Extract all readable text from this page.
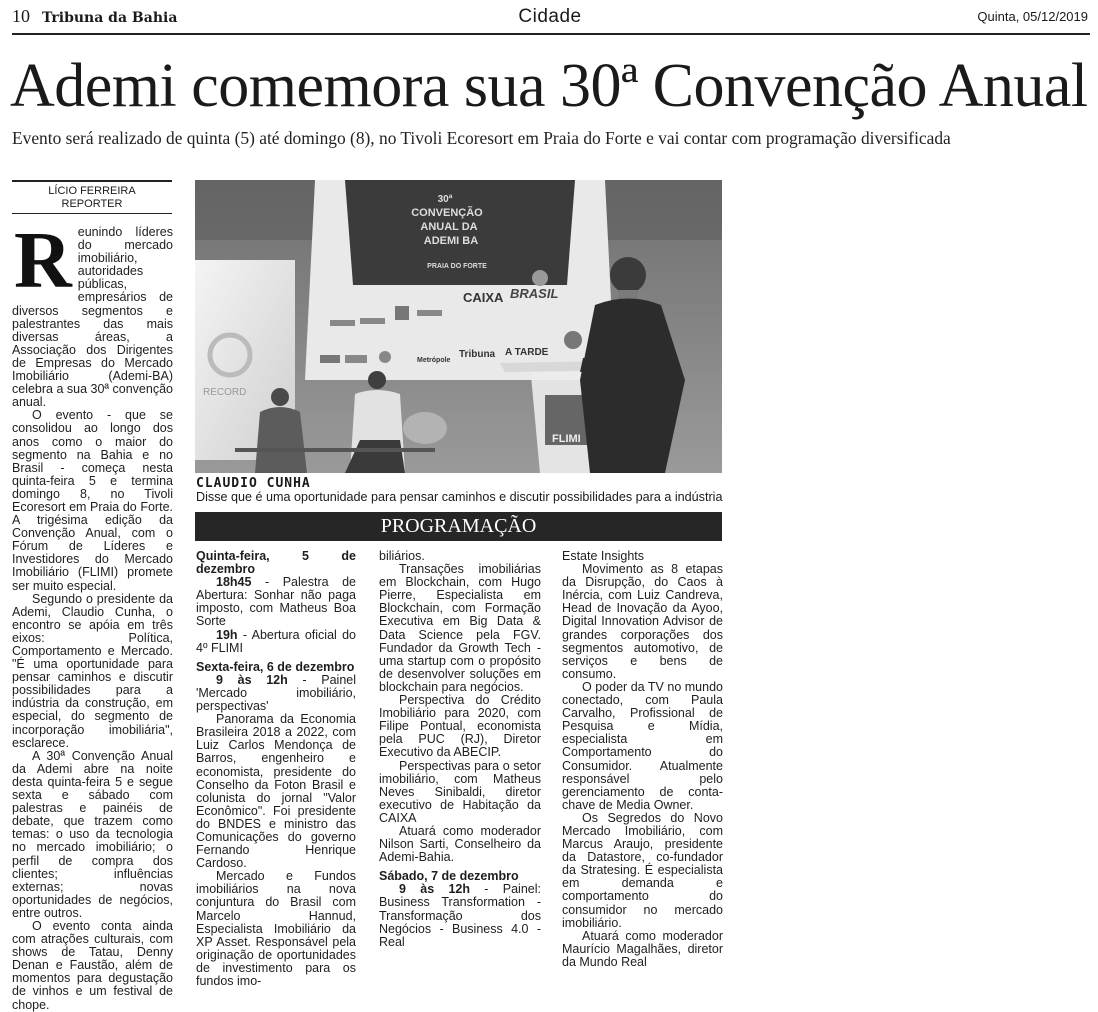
10 Tribuna da Bahia	Cidade	Quinta, 05/12/2019
Ademi comemora sua 30ª Convenção Anual
Evento será realizado de quinta (5) até domingo (8), no Tivoli Ecoresort em Praia do Forte e vai contar com programação diversificada
LÍCIO FERREIRA
REPORTER

Reunindo líderes do mercado imobiliário, autoridades públicas, empresários de diversos segmentos e palestrantes das mais diversas áreas, a Associação dos Dirigentes de Empresas do Mercado Imobiliário (Ademi-BA) celebra a sua 30ª convenção anual.

O evento - que se consolidou ao longo dos anos como o maior do segmento na Bahia e no Brasil - começa nesta quinta-feira 5 e termina domingo 8, no Tivoli Ecoresort em Praia do Forte. A trigésima edição da Convenção Anual, com o Fórum de Líderes e Investidores do Mercado Imobiliário (FLIMI) promete ser muito especial.

Segundo o presidente da Ademi, Claudio Cunha, o encontro se apóia em três eixos: Política, Comportamento e Mercado. "É uma oportunidade para pensar caminhos e discutir possibilidades para a indústria da construção, em especial, do segmento de incorporação imobiliária", esclarece.

A 30ª Convenção Anual da Ademi abre na noite desta quinta-feira 5 e segue sexta e sábado com palestras e painéis de debate, que trazem como temas: o uso da tecnologia no mercado imobiliário; o perfil de compra dos clientes; influências externas; novas oportunidades de negócios, entre outros.

O evento conta ainda com atrações culturais, com shows de Tatau, Denny Denan e Faustão, além de momentos para degustação de vinhos e um festival de chope.

RECORD
30ª
CONVENÇÃO
ANUAL DA
ADEMI BA
PRAIA DO FORTE
CAIXA BRASIL
Metrópole
Tribuna A TARDE
FLIMI
CLAUDIO CUNHA
Disse que é uma oportunidade para pensar caminhos e discutir possibilidades para a indústria
PROGRAMAÇÃO

Quinta-feira, 5 de dezembro

18h45 - Palestra de Abertura: Sonhar não paga imposto, com Matheus Boa Sorte

19h - Abertura oficial do 4º FLIMI

Sexta-feira, 6 de dezembro

9 às 12h - Painel 'Mercado imobiliário, perspectivas'

Panorama da Economia Brasileira 2018 a 2022, com Luiz Carlos Mendonça de Barros, engenheiro e economista, presidente do Conselho da Foton Brasil e colunista do jornal "Valor Econômico". Foi presidente do BNDES e ministro das Comunicações do governo Fernando Henrique Cardoso.

Mercado e Fundos imobiliários na nova conjuntura do Brasil com Marcelo Hannud, Especialista Imobiliário da XP Asset. Responsável pela originação de oportunidades de investimento para os fundos imo-

biliários.

Transações imobiliárias em Blockchain, com Hugo Pierre, Especialista em Blockchain, com Formação Executiva em Big Data & Data Science pela FGV. Fundador da Growth Tech - uma startup com o propósito de desenvolver soluções em blockchain para negócios.

Perspectiva do Crédito Imobiliário para 2020, com Filipe Pontual, economista pela PUC (RJ), Diretor Executivo da ABECIP.

Perspectivas para o setor imobiliário, com Matheus Neves Sinibaldi, diretor executivo de Habitação da CAIXA

Atuará como moderador Nilson Sarti, Conselheiro da Ademi-Bahia.

Sábado, 7 de dezembro

9 às 12h - Painel: Business Transformation - Transformação dos Negócios - Business 4.0 - Real

Estate Insights

Movimento as 8 etapas da Disrupção, do Caos à Inércia, com Luiz Candreva, Head de Inovação da Ayoo, Digital Innovation Advisor de grandes corporações dos segmentos automotivo, de serviços e bens de consumo.

O poder da TV no mundo conectado, com Paula Carvalho, Profissional de Pesquisa e Mídia, especialista em Comportamento do Consumidor. Atualmente responsável pelo gerenciamento de conta-chave de Media Owner.

Os Segredos do Novo Mercado Imobiliário, com Marcus Araujo, presidente da Datastore, co-fundador da Stratesing. É especialista em demanda e comportamento do consumidor no mercado imobiliário.

Atuará como moderador Maurício Magalhães, diretor da Mundo Real
